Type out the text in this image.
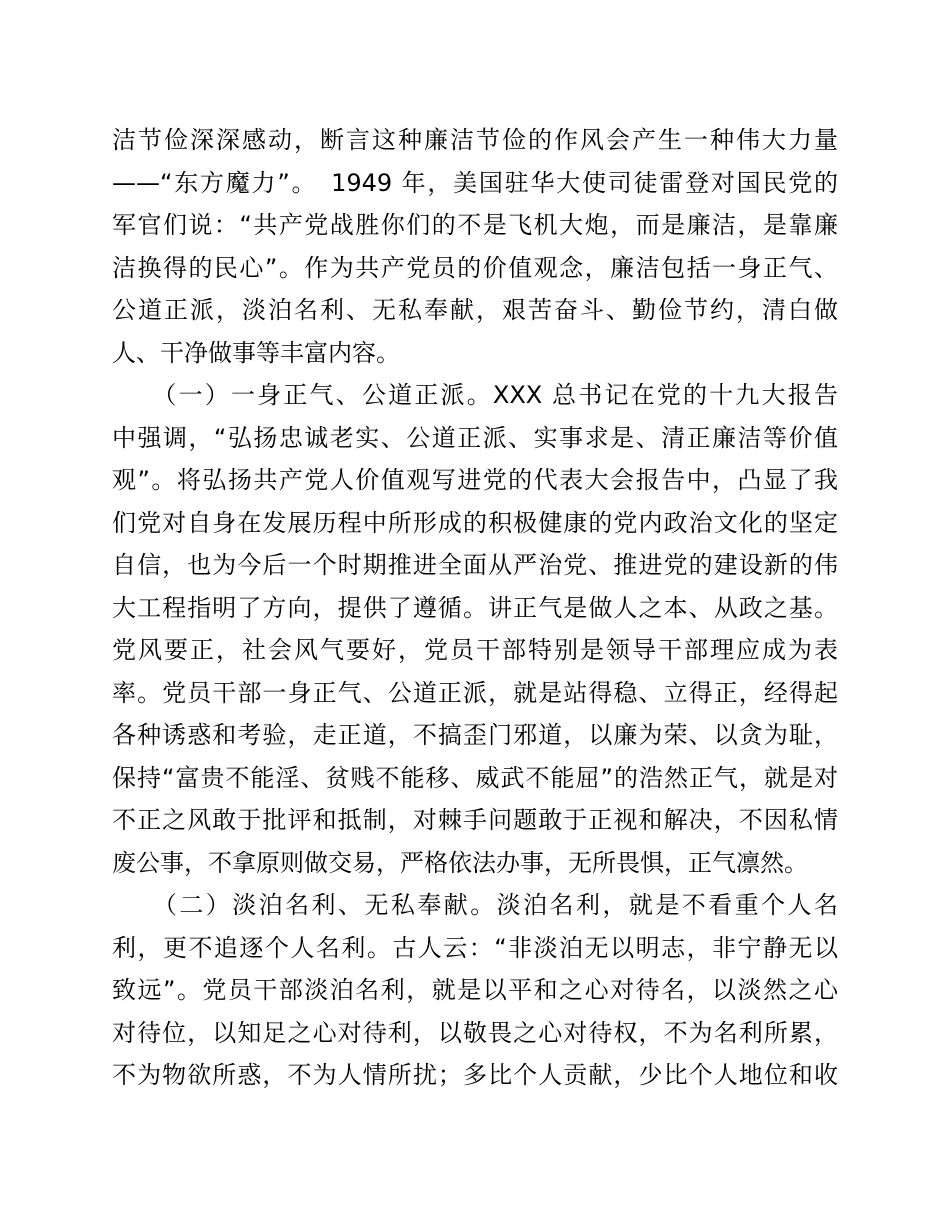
洁节俭深深感动，断言这种廉洁节俭的作风会产生一种伟大力量
——“东方魔力”。　1949 年，美国驻华大使司徒雷登对国民党的
军官们说：“共产党战胜你们的不是飞机大炮，而是廉洁，是靠廉
洁换得的民心”。作为共产党员的价值观念，廉洁包括一身正气、
公道正派，淡泊名利、无私奉献，艰苦奋斗、勤俭节约，清白做
人、干净做事等丰富内容。
　　（一）一身正气、公道正派。XXX 总书记在党的十九大报告
中强调，“弘扬忠诚老实、公道正派、实事求是、清正廉洁等价值
观”。将弘扬共产党人价值观写进党的代表大会报告中，凸显了我
们党对自身在发展历程中所形成的积极健康的党内政治文化的坚定
自信，也为今后一个时期推进全面从严治党、推进党的建设新的伟
大工程指明了方向，提供了遵循。讲正气是做人之本、从政之基。
党风要正，社会风气要好，党员干部特别是领导干部理应成为表
率。党员干部一身正气、公道正派，就是站得稳、立得正，经得起
各种诱惑和考验，走正道，不搞歪门邪道，以廉为荣、以贪为耻，
保持“富贵不能淫、贫贱不能移、威武不能屈”的浩然正气，就是对
不正之风敢于批评和抵制，对棘手问题敢于正视和解决，不因私情
废公事，不拿原则做交易，严格依法办事，无所畏惧，正气凛然。
　　（二）淡泊名利、无私奉献。淡泊名利，就是不看重个人名
利，更不追逐个人名利。古人云：“非淡泊无以明志，非宁静无以
致远”。党员干部淡泊名利，就是以平和之心对待名，以淡然之心
对待位，以知足之心对待利，以敬畏之心对待权，不为名利所累，
不为物欲所惑，不为人情所扰；多比个人贡献，少比个人地位和收
